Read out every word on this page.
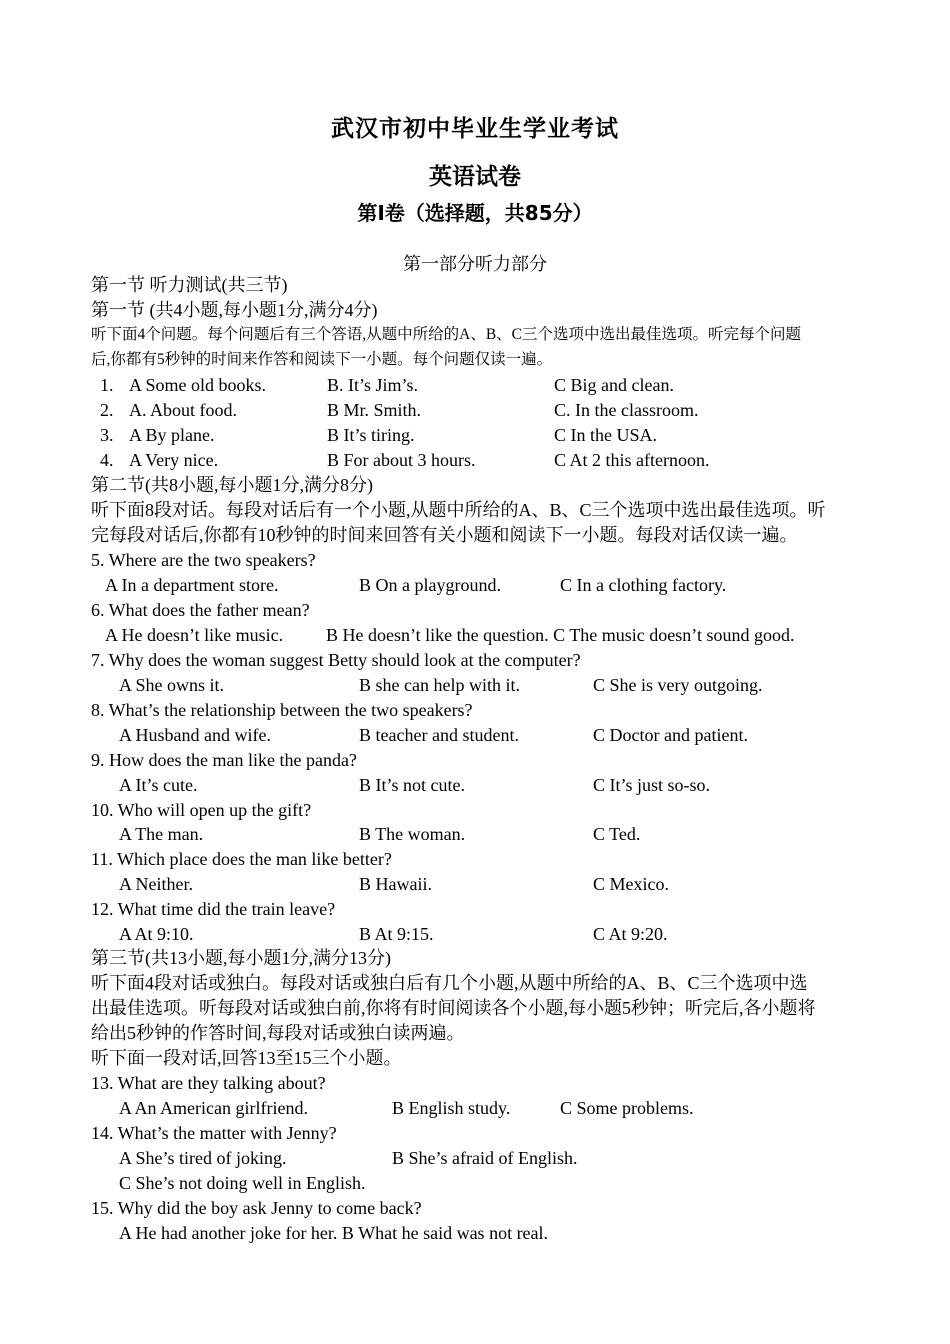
武汉市初中毕业生学业考试
英语试卷
第Ⅰ卷（选择题，共85分）
第一部分听力部分
第一节 听力测试(共三节)
第一节 (共4小题,每小题1分,满分4分)
听下面4个问题。每个问题后有三个答语,从题中所给的A、B、C三个选项中选出最佳选项。听完每个问题
后,你都有5秒钟的时间来作答和阅读下一小题。每个问题仅读一遍。
1. A Some old books.	B. It’s Jim’s.	C Big and clean.
2. A. About food.	B Mr. Smith.	C. In the classroom.
3. A By plane.	B It’s tiring.	C In the USA.
4. A Very nice.	B For about 3 hours.	C At 2 this afternoon.
第二节(共8小题,每小题1分,满分8分)
听下面8段对话。每段对话后有一个小题,从题中所给的A、B、C三个选项中选出最佳选项。听
完每段对话后,你都有10秒钟的时间来回答有关小题和阅读下一小题。每段对话仅读一遍。
5. Where are the two speakers?
A In a department store.	B On a playground.	C In a clothing factory.
6. What does the father mean?
A He doesn’t like music. B He doesn’t like the question. C The music doesn’t sound good.
7. Why does the woman suggest Betty should look at the computer?
A She owns it.	B she can help with it.	C She is very outgoing.
8. What’s the relationship between the two speakers?
A Husband and wife.	B teacher and student.	C Doctor and patient.
9. How does the man like the panda?
A It’s cute.	B It’s not cute.	C It’s just so-so.
10. Who will open up the gift?
A The man.	B The woman.	C Ted.
11. Which place does the man like better?
A Neither.	B Hawaii.	C Mexico.
12. What time did the train leave?
A At 9:10.	B At 9:15.	C At 9:20.
第三节(共13小题,每小题1分,满分13分)
听下面4段对话或独白。每段对话或独白后有几个小题,从题中所给的A、B、C三个选项中选
出最佳选项。听每段对话或独白前,你将有时间阅读各个小题,每小题5秒钟；听完后,各小题将
给出5秒钟的作答时间,每段对话或独白读两遍。
听下面一段对话,回答13至15三个小题。
13. What are they talking about?
A An American girlfriend.	B English study.	C Some problems.
14. What’s the matter with Jenny?
A She’s tired of joking.	B She’s afraid of English.
C She’s not doing well in English.
15. Why did the boy ask Jenny to come back?
A He had another joke for her. B What he said was not real.
